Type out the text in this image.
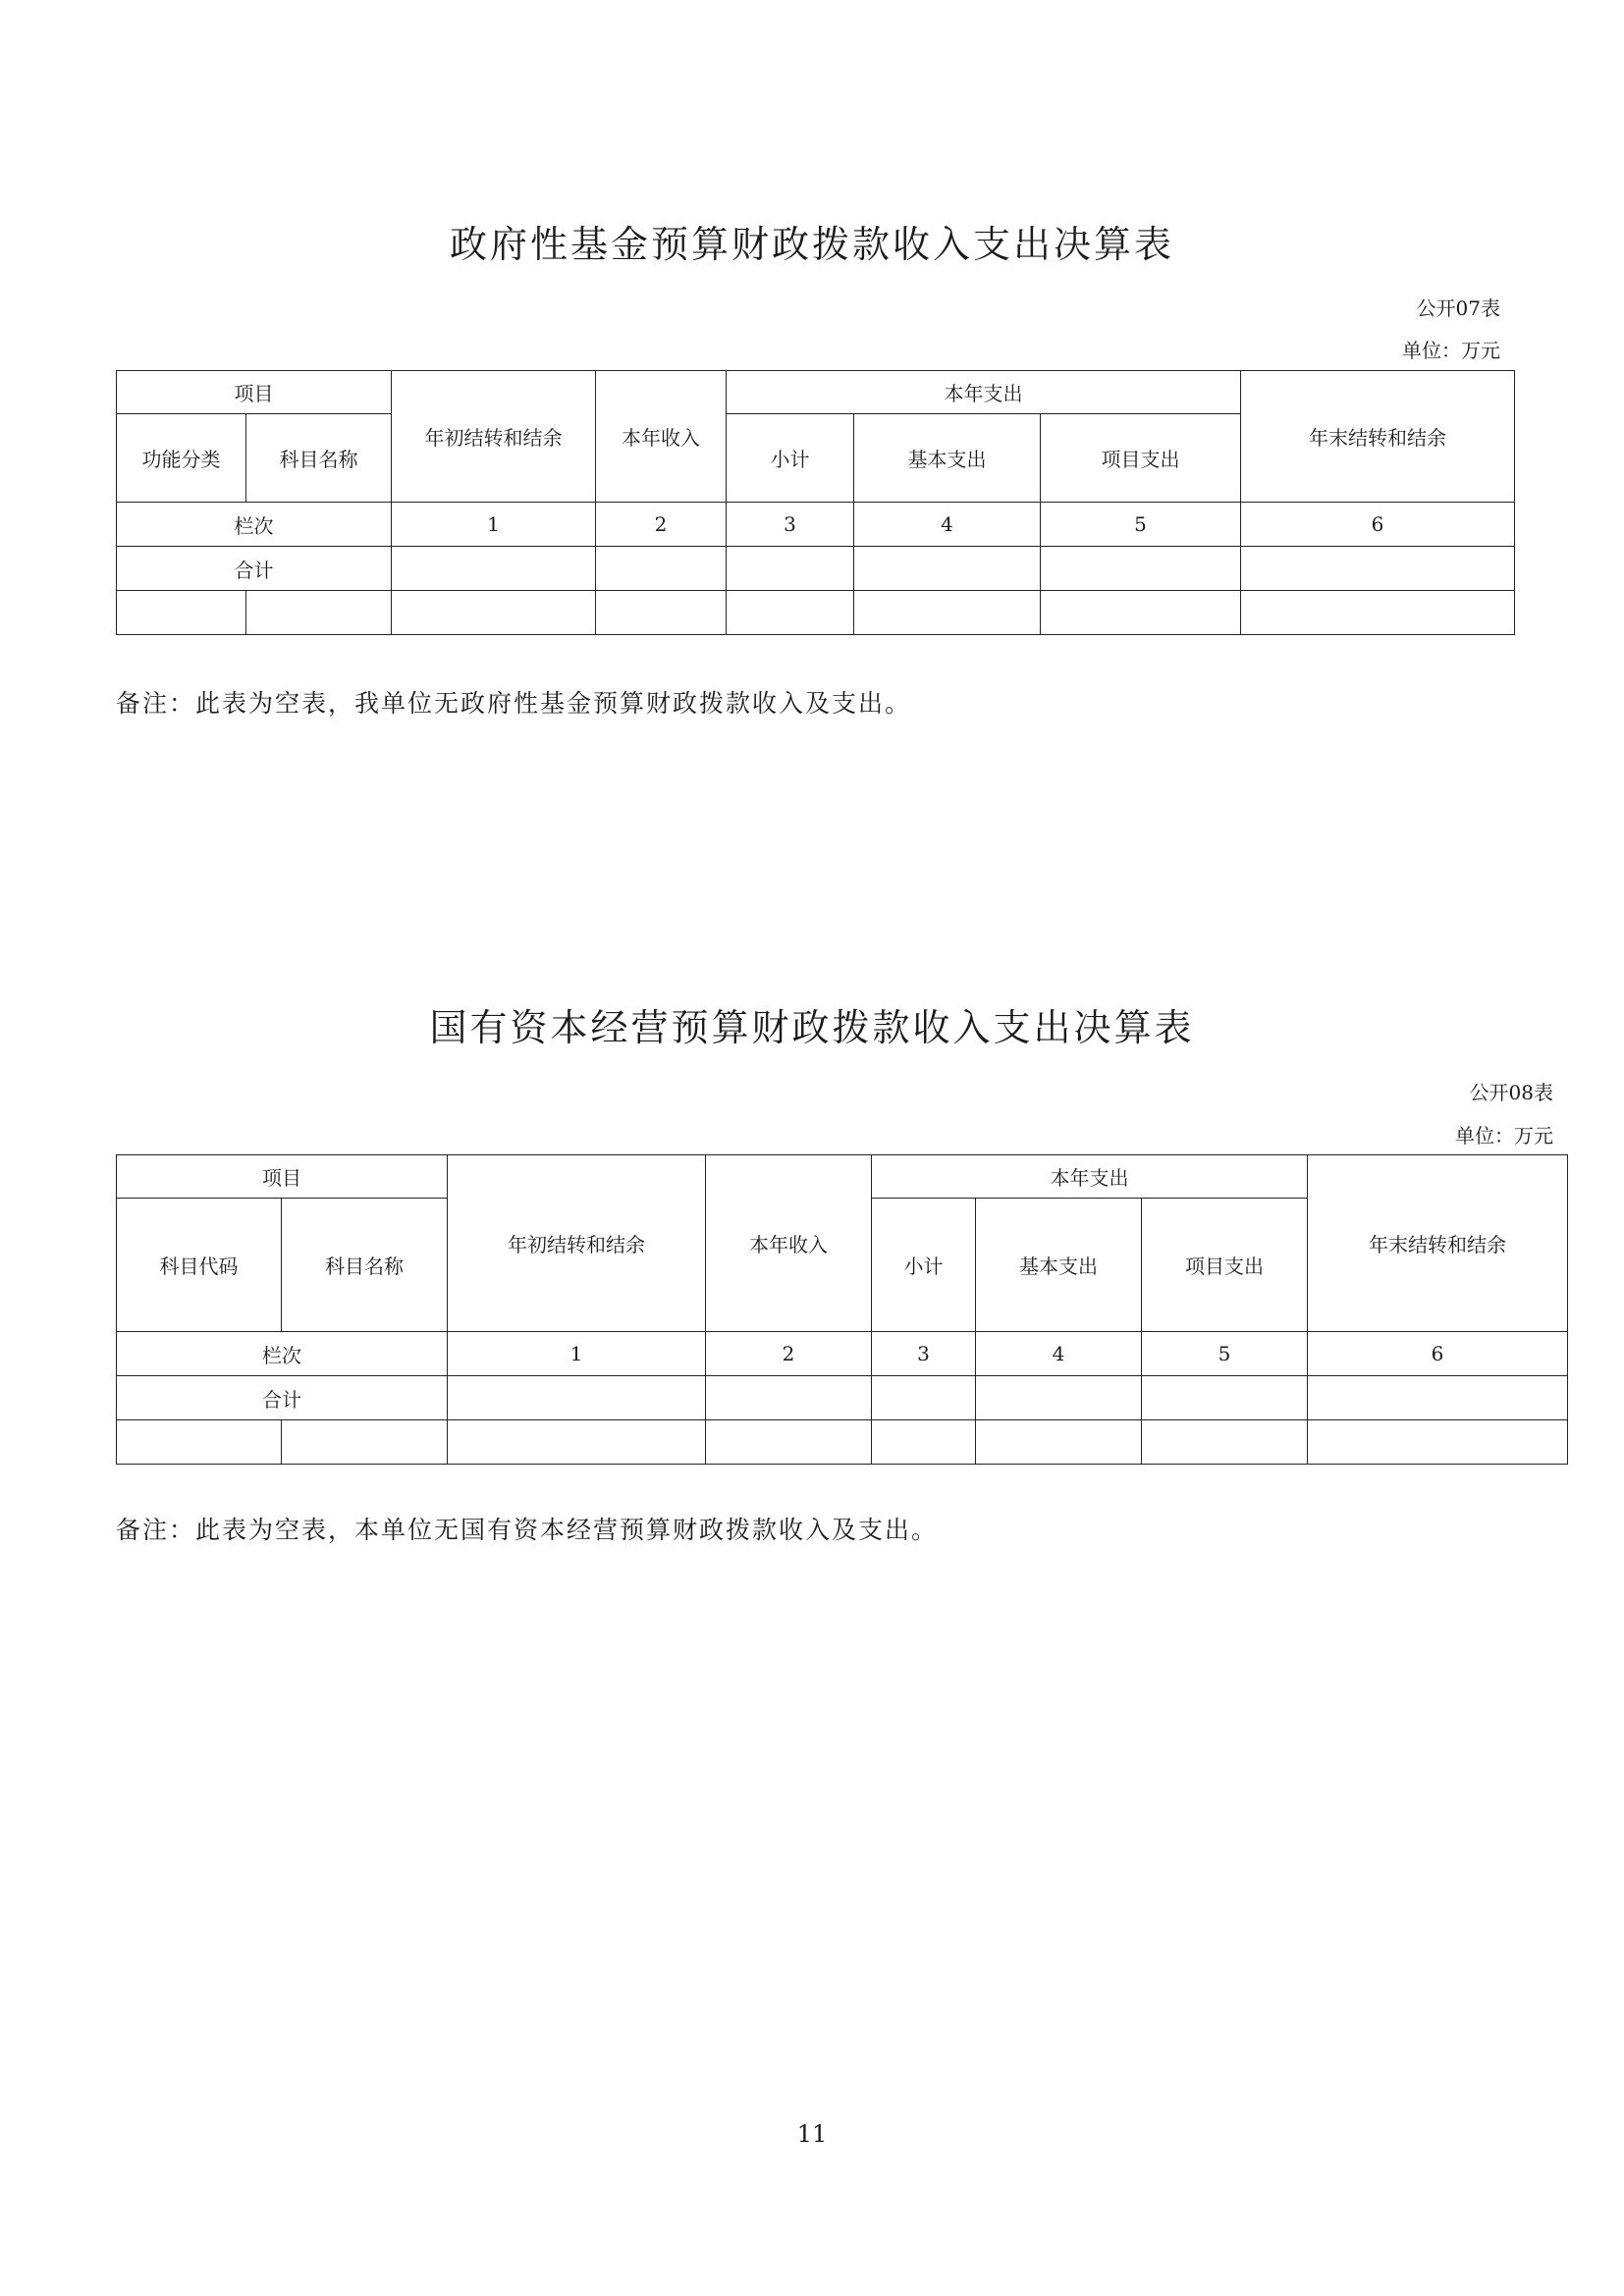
政府性基金预算财政拨款收入支出决算表
公开07表
单位：万元
项目		年初结转和结余	本年收入	本年支出			年末结转和结余
功能分类	科目名称			小计	基本支出	项目支出	
栏次		1	2	3	4	5	6
合计							

备注：此表为空表，我单位无政府性基金预算财政拨款收入及支出。
国有资本经营预算财政拨款收入支出决算表
公开08表
单位：万元
项目		年初结转和结余	本年收入	本年支出			年末结转和结余
科目代码	科目名称			小计	基本支出	项目支出	
栏次		1	2	3	4	5	6
合计							

备注：此表为空表，本单位无国有资本经营预算财政拨款收入及支出。
11
